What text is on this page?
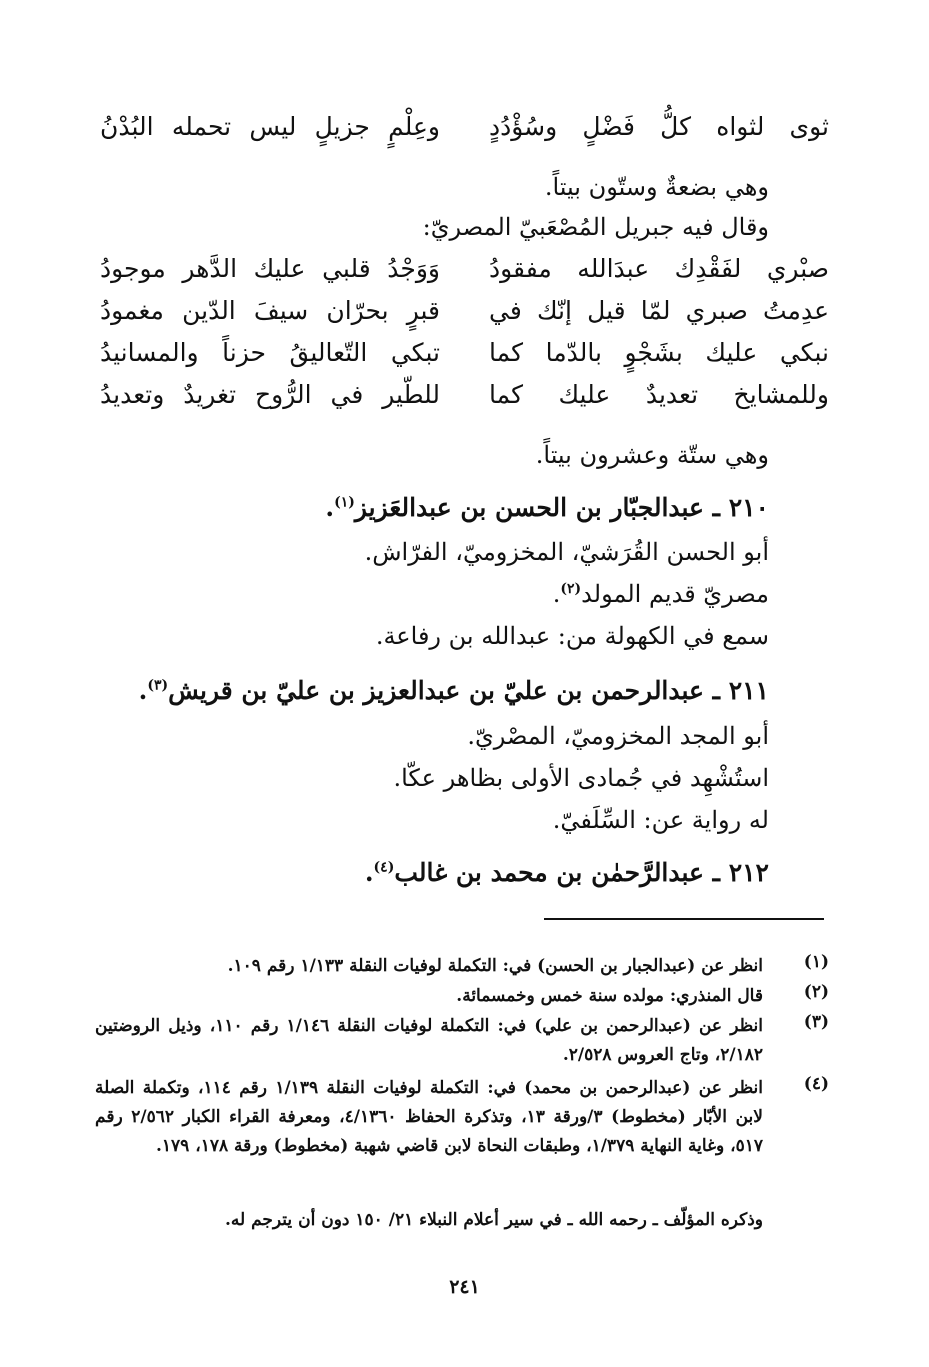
ثوى لثواه كلُّ فَضْلٍ وسُؤْدُدٍ
وعِلْمٍ جزيلٍ ليس تحمله البُدْنُ
وهي بضعةٌ وستّون بيتاً.
وقال فيه جبريل المُصْعَبيّ المصريّ:
صبْري لفَقْدِك عبدَالله مفقودُ
وَوَجْدُ قلبي عليك الدَّهر موجودُ
عدِمتُ صبري لمّا قيل إنّك في
قبرٍ بحرّان سيفَ الدّين مغمودُ
نبكي عليك بشَجْوٍ بالدّما كما
تبكي التّعاليقُ حزناً والمسانيدُ
وللمشايخ تعديدٌ عليك كما
للطّير في الرُّوح تغريدٌ وتعديدُ
وهي ستّة وعشرون بيتاً.
٢١٠ ـ عبدالجبّار بن الحسن بن عبدالعَزيز$^{(١)}$.
أبو الحسن القُرَشيّ، المخزوميّ، الفرّاش.
مصريّ قديم المولد$^{(٢)}$.
سمع في الكهولة من: عبدالله بن رفاعة.
٢١١ ـ عبدالرحمن بن عليّ بن عبدالعزيز بن عليّ بن قريش$^{(٣)}$.
أبو المجد المخزوميّ، المصْريّ.
استُشْهِد في جُمادى الأولى بظاهر عكّا.
له رواية عن: السِّلَفيّ.
٢١٢ ـ عبدالرَّحمٰن بن محمد بن غالب$^{(٤)}$.
(١)
انظر عن (عبدالجبار بن الحسن) في: التكملة لوفيات النقلة ١/١٣٣ رقم ١٠٩.
(٢)
قال المنذري: مولده سنة خمس وخمسمائة.
(٣)
انظر عن (عبدالرحمن بن علي) في: التكملة لوفيات النقلة ١/١٤٦ رقم ١١٠، وذيل الروضتين ٢/١٨٢، وتاج العروس ٢/٥٢٨.
(٤)
انظر عن (عبدالرحمن بن محمد) في: التكملة لوفيات النقلة ١/١٣٩ رقم ١١٤، وتكملة الصلة لابن الأبّار (مخطوط) ٣/ورقة ١٣، وتذكرة الحفاظ ٤/١٣٦٠، ومعرفة القراء الكبار ٢/٥٦٢ رقم ٥١٧، وغاية النهاية ١/٣٧٩، وطبقات النحاة لابن قاضي شهبة (مخطوط) ورقة ١٧٨، ١٧٩.
وذكره المؤلّف ـ رحمه الله ـ في سير أعلام النبلاء ٢١/ ١٥٠ دون أن يترجم له.
٢٤١
